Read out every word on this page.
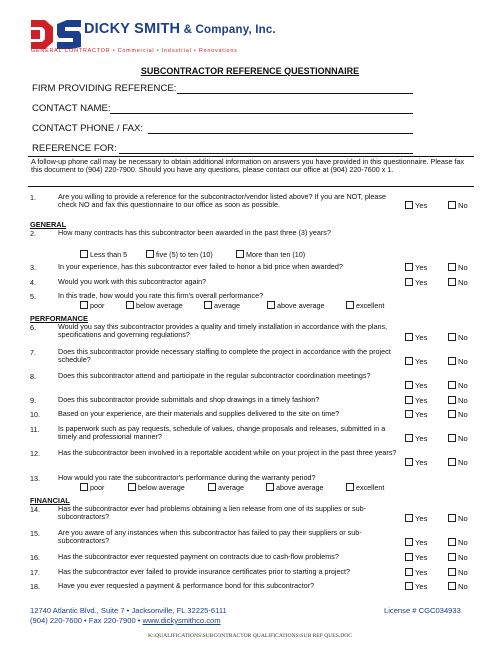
DICKY SMITH & Company, Inc.
GENERAL CONTRACTOR • Commercial • Industrial • Renovations
SUBCONTRACTOR REFERENCE QUESTIONNAIRE
FIRM PROVIDING REFERENCE:
CONTACT NAME:
CONTACT PHONE / FAX:
REFERENCE FOR:
A follow-up phone call may be necessary to obtain additional information on answers you have provided in this questionnaire. Please fax this document to (904) 220-7900. Should you have any questions, please contact our office at (904) 220-7600 x 1.
1.	Are you willing to provide a reference for the subcontractor/vendor listed above? If you are NOT, please check NO and fax this questionnaire to our office as soon as possible.	Yes	No
GENERAL
2.	How many contracts has this subcontractor been awarded in the past three (3) years?
Less than 5	five (5) to ten (10)	More than ten (10)
3.	In your experience, has this subcontractor ever failed to honor a bid price when awarded?	Yes	No
4.	Would you work with this subcontractor again?	Yes	No
5.	In this trade, how would you rate this firm's overall performance?
poor	below average	average	above average	excellent
PERFORMANCE
6.	Would you say this subcontractor provides a quality and timely installation in accordance with the plans, specifications and governing regulations?	Yes	No
7.	Does this subcontractor provide necessary staffing to complete the project in accordance with the project schedule?	Yes	No
8.	Does this subcontractor attend and participate in the regular subcontractor coordination meetings?
Yes	No
9.	Does this subcontractor provide submittals and shop drawings in a timely fashion?	Yes	No
10.	Based on your experience, are their materials and supplies delivered to the site on time?	Yes	No
11.	Is paperwork such as pay requests, schedule of values, change proposals and releases, submitted in a timely and professional manner?	Yes	No
12.	Has the subcontractor been involved in a reportable accident while on your project in the past three years?
Yes	No
13.	How would you rate the subcontractor's performance during the warranty period?
poor	below average	average	above average	excellent
FINANCIAL
14.	Has the subcontractor ever had problems obtaining a lien release from one of its supplies or sub-subcontractors?	Yes	No
15.	Are you aware of any instances when this subcontractor has failed to pay their suppliers or sub-subcontractors?	Yes	No
16.	Has the subcontractor ever requested payment on contracts due to cash-flow problems?	Yes	No
17.	Has the subcontractor ever failed to provide insurance certificates prior to starting a project?	Yes	No
18.	Have you ever requested a payment & performance bond for this subcontractor?	Yes	No
12740 Atlantic Blvd., Suite 7 • Jacksonville, FL 32225-6111
(904) 220-7600 • Fax 220-7900 • www.dickysmithco.com
License # CGC034933
K:\QUALIFICATIONS\SUBCONTRACTOR QUALIFICATIONS\SUB REF QUES.DOC
